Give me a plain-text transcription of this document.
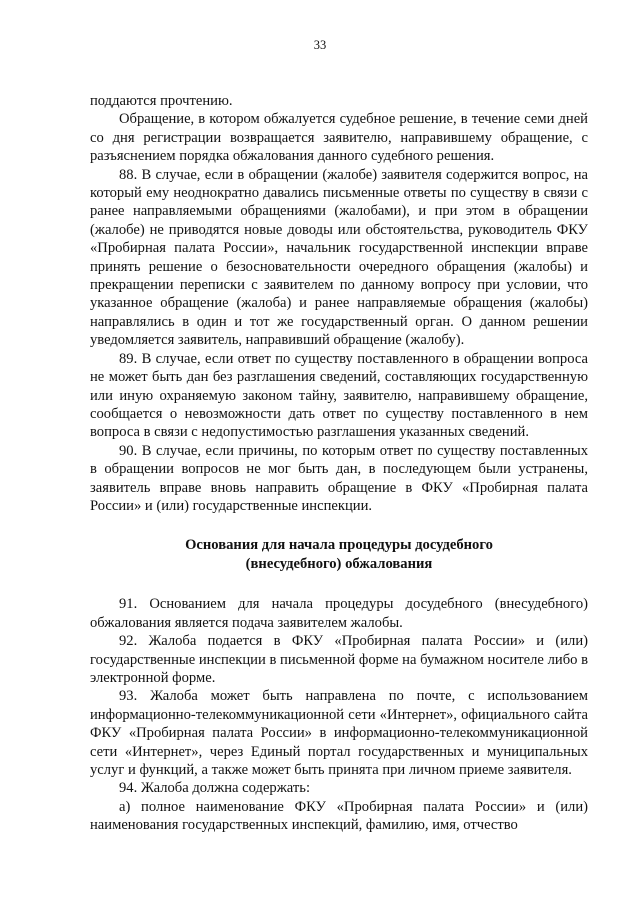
33

поддаются прочтению.

Обращение, в котором обжалуется судебное решение, в течение семи дней со дня регистрации возвращается заявителю, направившему обращение, с разъяснением порядка обжалования данного судебного решения.

88. В случае, если в обращении (жалобе) заявителя содержится вопрос, на который ему неоднократно давались письменные ответы по существу в связи с ранее направляемыми обращениями (жалобами), и при этом в обращении (жалобе) не приводятся новые доводы или обстоятельства, руководитель ФКУ «Пробирная палата России», начальник государственной инспекции вправе принять решение о безосновательности очередного обращения (жалобы) и прекращении переписки с заявителем по данному вопросу при условии, что указанное обращение (жалоба) и ранее направляемые обращения (жалобы) направлялись в один и тот же государственный орган. О данном решении уведомляется заявитель, направивший обращение (жалобу).

89. В случае, если ответ по существу поставленного в обращении вопроса не может быть дан без разглашения сведений, составляющих государственную или иную охраняемую законом тайну, заявителю, направившему обращение, сообщается о невозможности дать ответ по существу поставленного в нем вопроса в связи с недопустимостью разглашения указанных сведений.

90. В случае, если причины, по которым ответ по существу поставленных в обращении вопросов не мог быть дан, в последующем были устранены, заявитель вправе вновь направить обращение в ФКУ «Пробирная палата России» и (или) государственные инспекции.

Основания для начала процедуры досудебного
(внесудебного) обжалования

91. Основанием для начала процедуры досудебного (внесудебного) обжалования является подача заявителем жалобы.

92. Жалоба подается в ФКУ «Пробирная палата России» и (или) государственные инспекции в письменной форме на бумажном носителе либо в электронной форме.

93. Жалоба может быть направлена по почте, с использованием информационно-телекоммуникационной сети «Интернет», официального сайта ФКУ «Пробирная палата России» в информационно-телекоммуникационной сети «Интернет», через Единый портал государственных и муниципальных услуг и функций, а также может быть принята при личном приеме заявителя.

94. Жалоба должна содержать:

а) полное наименование ФКУ «Пробирная палата России» и (или) наименования государственных инспекций, фамилию, имя, отчество
